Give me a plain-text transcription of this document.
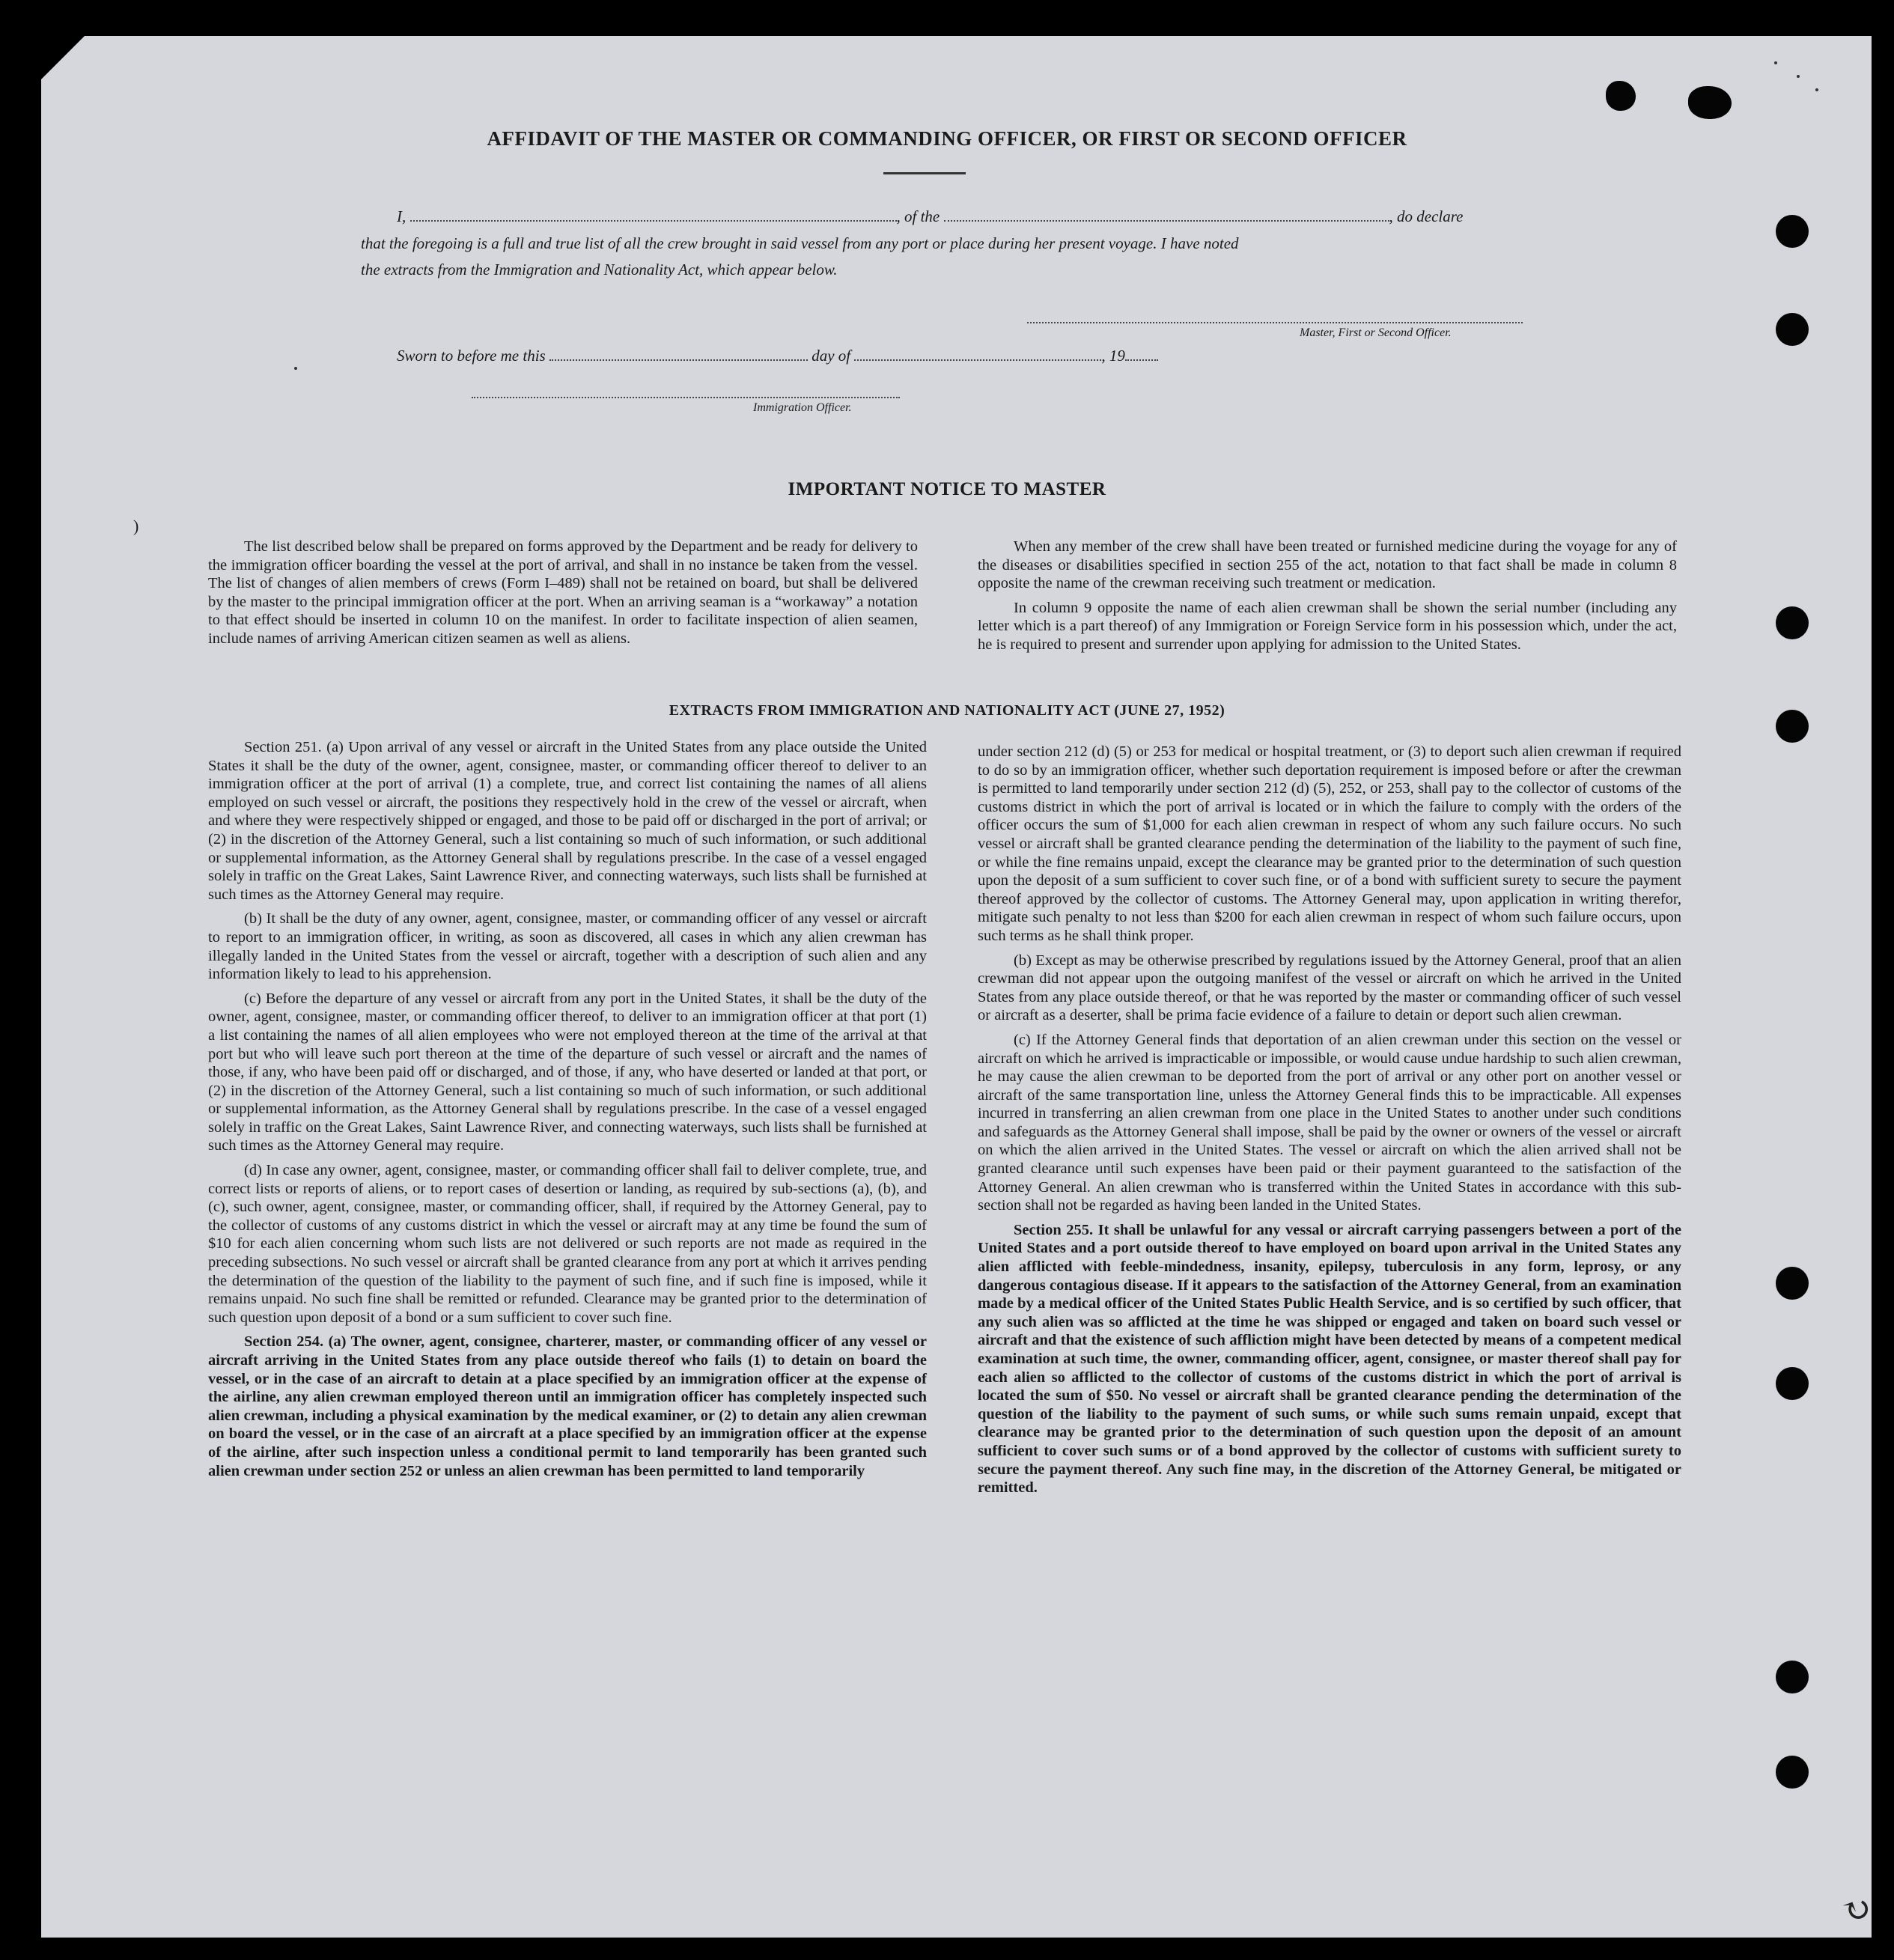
)
↻
AFFIDAVIT OF THE MASTER OR COMMANDING OFFICER, OR FIRST OR SECOND OFFICER
I,	, of the	, do declare
that the foregoing is a full and true list of all the crew brought in said vessel from any port or place during her present voyage. I have noted
the extracts from the Immigration and Nationality Act, which appear below.
Master, First or Second Officer.
Sworn to before me this	day of	, 19
Immigration Officer.
IMPORTANT NOTICE TO MASTER

The list described below shall be prepared on forms approved by the Department and be ready for delivery to the immigration officer boarding the vessel at the port of arrival, and shall in no instance be taken from the vessel. The list of changes of alien members of crews (Form I–489) shall not be retained on board, but shall be delivered by the master to the principal immigration officer at the port. When an arriving seaman is a “workaway” a notation to that effect should be inserted in column 10 on the manifest. In order to facilitate inspection of alien seamen, include names of arriving American citizen seamen as well as aliens.

When any member of the crew shall have been treated or furnished medicine during the voyage for any of the diseases or disabilities specified in section 255 of the act, notation to that fact shall be made in column 8 opposite the name of the crewman receiving such treatment or medication.

In column 9 opposite the name of each alien crewman shall be shown the serial number (including any letter which is a part thereof) of any Immigration or Foreign Service form in his possession which, under the act, he is required to present and surrender upon applying for admission to the United States.

EXTRACTS FROM IMMIGRATION AND NATIONALITY ACT (JUNE 27, 1952)

Section 251. (a) Upon arrival of any vessel or aircraft in the United States from any place outside the United States it shall be the duty of the owner, agent, consignee, master, or commanding officer thereof to deliver to an immigration officer at the port of arrival (1) a complete, true, and correct list containing the names of all aliens employed on such vessel or aircraft, the positions they respectively hold in the crew of the vessel or aircraft, when and where they were respectively shipped or engaged, and those to be paid off or discharged in the port of arrival; or (2) in the discretion of the Attorney General, such a list containing so much of such information, or such additional or supplemental information, as the Attorney General shall by regulations prescribe. In the case of a vessel engaged solely in traffic on the Great Lakes, Saint Lawrence River, and connecting waterways, such lists shall be furnished at such times as the Attorney General may require.

(b) It shall be the duty of any owner, agent, consignee, master, or commanding officer of any vessel or aircraft to report to an immigration officer, in writing, as soon as discovered, all cases in which any alien crewman has illegally landed in the United States from the vessel or aircraft, together with a description of such alien and any information likely to lead to his apprehension.

(c) Before the departure of any vessel or aircraft from any port in the United States, it shall be the duty of the owner, agent, consignee, master, or commanding officer thereof, to deliver to an immigration officer at that port (1) a list containing the names of all alien employees who were not employed thereon at the time of the arrival at that port but who will leave such port thereon at the time of the departure of such vessel or aircraft and the names of those, if any, who have been paid off or discharged, and of those, if any, who have deserted or landed at that port, or (2) in the discretion of the Attorney General, such a list containing so much of such information, or such additional or supplemental information, as the Attorney General shall by regulations prescribe. In the case of a vessel engaged solely in traffic on the Great Lakes, Saint Lawrence River, and connecting waterways, such lists shall be furnished at such times as the Attorney General may require.

(d) In case any owner, agent, consignee, master, or commanding officer shall fail to deliver complete, true, and correct lists or reports of aliens, or to report cases of desertion or landing, as required by sub-sections (a), (b), and (c), such owner, agent, consignee, master, or commanding officer, shall, if required by the Attorney General, pay to the collector of customs of any customs district in which the vessel or aircraft may at any time be found the sum of $10 for each alien concerning whom such lists are not delivered or such reports are not made as required in the preceding subsections. No such vessel or aircraft shall be granted clearance from any port at which it arrives pending the determination of the question of the liability to the payment of such fine, and if such fine is imposed, while it remains unpaid. No such fine shall be remitted or refunded. Clearance may be granted prior to the determination of such question upon deposit of a bond or a sum sufficient to cover such fine.

Section 254. (a) The owner, agent, consignee, charterer, master, or commanding officer of any vessel or aircraft arriving in the United States from any place outside thereof who fails (1) to detain on board the vessel, or in the case of an aircraft to detain at a place specified by an immigration officer at the expense of the airline, any alien crewman employed thereon until an immigration officer has completely inspected such alien crewman, including a physical examination by the medical examiner, or (2) to detain any alien crewman on board the vessel, or in the case of an aircraft at a place specified by an immigration officer at the expense of the airline, after such inspection unless a conditional permit to land temporarily has been granted such alien crewman under section 252 or unless an alien crewman has been permitted to land temporarily

under section 212 (d) (5) or 253 for medical or hospital treatment, or (3) to deport such alien crewman if required to do so by an immigration officer, whether such deportation requirement is imposed before or after the crewman is permitted to land temporarily under section 212 (d) (5), 252, or 253, shall pay to the collector of customs of the customs district in which the port of arrival is located or in which the failure to comply with the orders of the officer occurs the sum of $1,000 for each alien crewman in respect of whom any such failure occurs. No such vessel or aircraft shall be granted clearance pending the determination of the liability to the payment of such fine, or while the fine remains unpaid, except the clearance may be granted prior to the determination of such question upon the deposit of a sum sufficient to cover such fine, or of a bond with sufficient surety to secure the payment thereof approved by the collector of customs. The Attorney General may, upon application in writing therefor, mitigate such penalty to not less than $200 for each alien crewman in respect of whom such failure occurs, upon such terms as he shall think proper.

(b) Except as may be otherwise prescribed by regulations issued by the Attorney General, proof that an alien crewman did not appear upon the outgoing manifest of the vessel or aircraft on which he arrived in the United States from any place outside thereof, or that he was reported by the master or commanding officer of such vessel or aircraft as a deserter, shall be prima facie evidence of a failure to detain or deport such alien crewman.

(c) If the Attorney General finds that deportation of an alien crewman under this section on the vessel or aircraft on which he arrived is impracticable or impossible, or would cause undue hardship to such alien crewman, he may cause the alien crewman to be deported from the port of arrival or any other port on another vessel or aircraft of the same transportation line, unless the Attorney General finds this to be impracticable. All expenses incurred in transferring an alien crewman from one place in the United States to another under such conditions and safeguards as the Attorney General shall impose, shall be paid by the owner or owners of the vessel or aircraft on which the alien arrived in the United States. The vessel or aircraft on which the alien arrived shall not be granted clearance until such expenses have been paid or their payment guaranteed to the satisfaction of the Attorney General. An alien crewman who is transferred within the United States in accordance with this sub-section shall not be regarded as having been landed in the United States.

Section 255. It shall be unlawful for any vessal or aircraft carrying passengers between a port of the United States and a port outside thereof to have employed on board upon arrival in the United States any alien afflicted with feeble-mindedness, insanity, epilepsy, tuberculosis in any form, leprosy, or any dangerous contagious disease. If it appears to the satisfaction of the Attorney General, from an examination made by a medical officer of the United States Public Health Service, and is so certified by such officer, that any such alien was so afflicted at the time he was shipped or engaged and taken on board such vessel or aircraft and that the existence of such affliction might have been detected by means of a competent medical examination at such time, the owner, commanding officer, agent, consignee, or master thereof shall pay for each alien so afflicted to the collector of customs of the customs district in which the port of arrival is located the sum of $50. No vessel or aircraft shall be granted clearance pending the determination of the question of the liability to the payment of such sums, or while such sums remain unpaid, except that clearance may be granted prior to the determination of such question upon the deposit of an amount sufficient to cover such sums or of a bond approved by the collector of customs with sufficient surety to secure the payment thereof. Any such fine may, in the discretion of the Attorney General, be mitigated or remitted.
